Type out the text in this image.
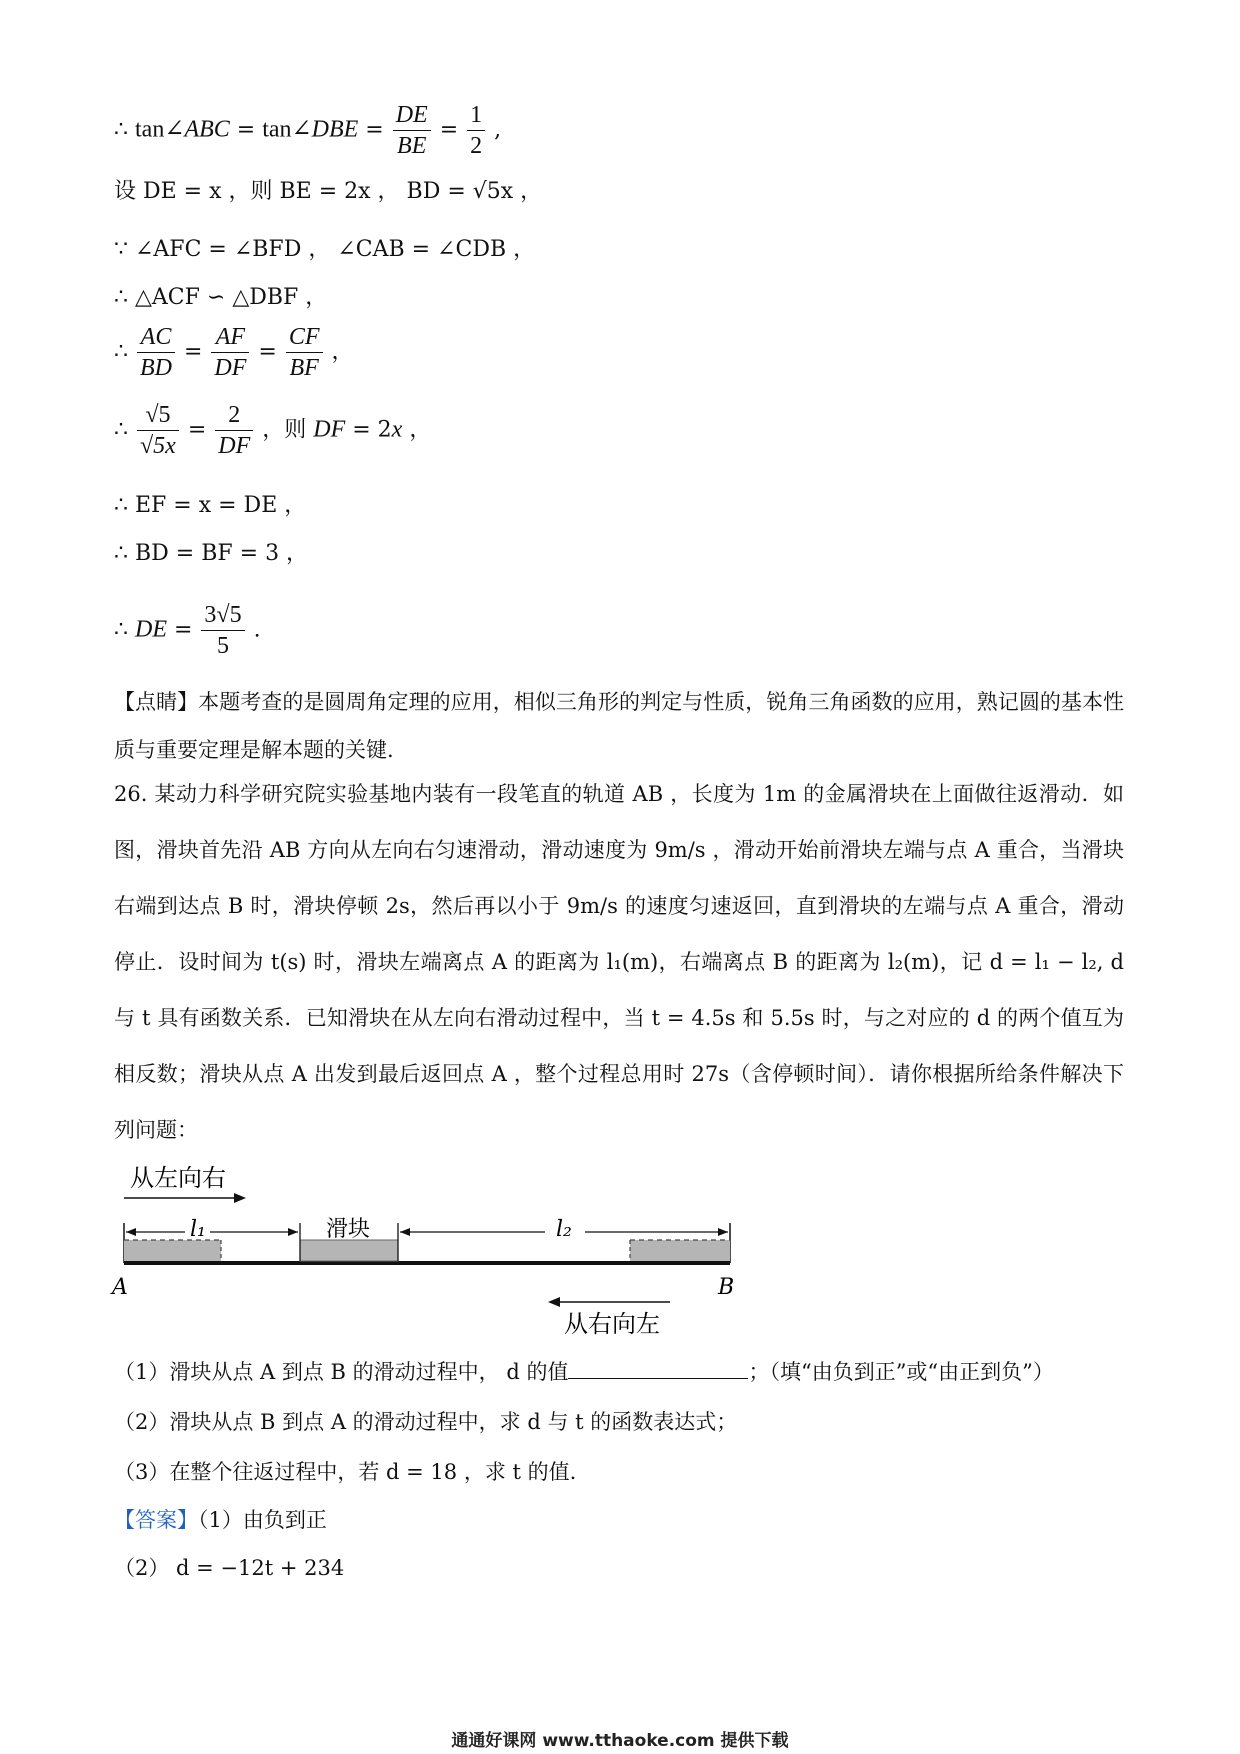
∴ tan∠ABC = tan∠DBE = $\frac{DE}{BE} = \frac{1}{2}$ ,
设 DE = x ，则 BE = 2x ， BD = √5x ，
∵ ∠AFC = ∠BFD ， ∠CAB = ∠CDB ，
∴ △ACF ∽ △DBF ，
∴ $\frac{AC}{BD} = \frac{AF}{DF} = \frac{CF}{BF}$ ，
∴ $\frac{√5}{√5x} = \frac{2}{DF}$ ，则 DF = 2x ，
∴ EF = x = DE ，
∴ BD = BF = 3 ，
∴ DE = $\frac{3√5}{5}$ .
【点睛】本题考查的是圆周角定理的应用，相似三角形的判定与性质，锐角三角函数的应用，熟记圆的基本性质与重要定理是解本题的关键.
26. 某动力科学研究院实验基地内装有一段笔直的轨道 AB ，长度为 1m 的金属滑块在上面做往返滑动．如图，滑块首先沿 AB 方向从左向右匀速滑动，滑动速度为 9m/s ，滑动开始前滑块左端与点 A 重合，当滑块右端到达点 B 时，滑块停顿 2s，然后再以小于 9m/s 的速度匀速返回，直到滑块的左端与点 A 重合，滑动停止．设时间为 t(s) 时，滑块左端离点 A 的距离为 l₁(m)，右端离点 B 的距离为 l₂(m)，记 d = l₁ − l₂, d 与 t 具有函数关系．已知滑块在从左向右滑动过程中，当 t = 4.5s 和 5.5s 时，与之对应的 d 的两个值互为相反数；滑块从点 A 出发到最后返回点 A ，整个过程总用时 27s（含停顿时间）．请你根据所给条件解决下列问题：
从左向右
滑块
l₁	l₂
A	B
从右向左
（1）滑块从点 A 到点 B 的滑动过程中， d 的值	；（填“由负到正”或“由正到负”）
（2）滑块从点 B 到点 A 的滑动过程中，求 d 与 t 的函数表达式；
（3）在整个往返过程中，若 d = 18 ，求 t 的值.
【答案】（1）由负到正
（2） d = −12t + 234
通通好课网 www.tthaoke.com 提供下载
